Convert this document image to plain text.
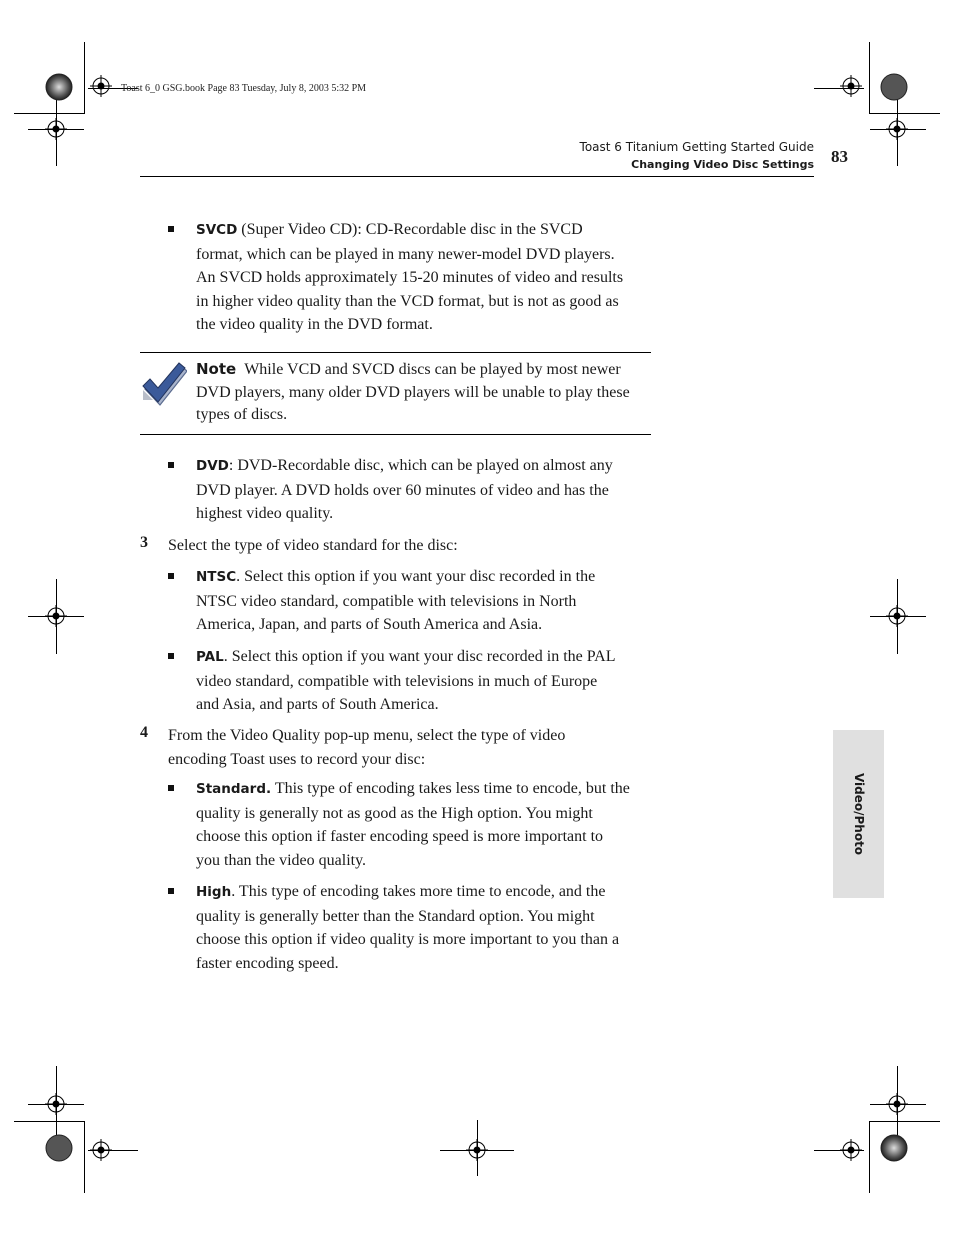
Toast 6_0 GSG.book Page 83 Tuesday, July 8, 2003 5:32 PM
Toast 6 Titanium Getting Started Guide
Changing Video Disc Settings 83
Video/Photo
SVCD (Super Video CD): CD-Recordable disc in the SVCD
format, which can be played in many newer-model DVD players.
An SVCD holds approximately 15-20 minutes of video and results
in higher video quality than the VCD format, but is not as good as
the video quality in the DVD format.
Note While VCD and SVCD discs can be played by most newer
DVD players, many older DVD players will be unable to play these
types of discs.
DVD: DVD-Recordable disc, which can be played on almost any
DVD player. A DVD holds over 60 minutes of video and has the
highest video quality.
3 Select the type of video standard for the disc:
NTSC. Select this option if you want your disc recorded in the
NTSC video standard, compatible with televisions in North
America, Japan, and parts of South America and Asia.
PAL. Select this option if you want your disc recorded in the PAL
video standard, compatible with televisions in much of Europe
and Asia, and parts of South America.
4 From the Video Quality pop-up menu, select the type of video
encoding Toast uses to record your disc:
Standard. This type of encoding takes less time to encode, but the
quality is generally not as good as the High option. You might
choose this option if faster encoding speed is more important to
you than the video quality.
High. This type of encoding takes more time to encode, and the
quality is generally better than the Standard option. You might
choose this option if video quality is more important to you than a
faster encoding speed.
